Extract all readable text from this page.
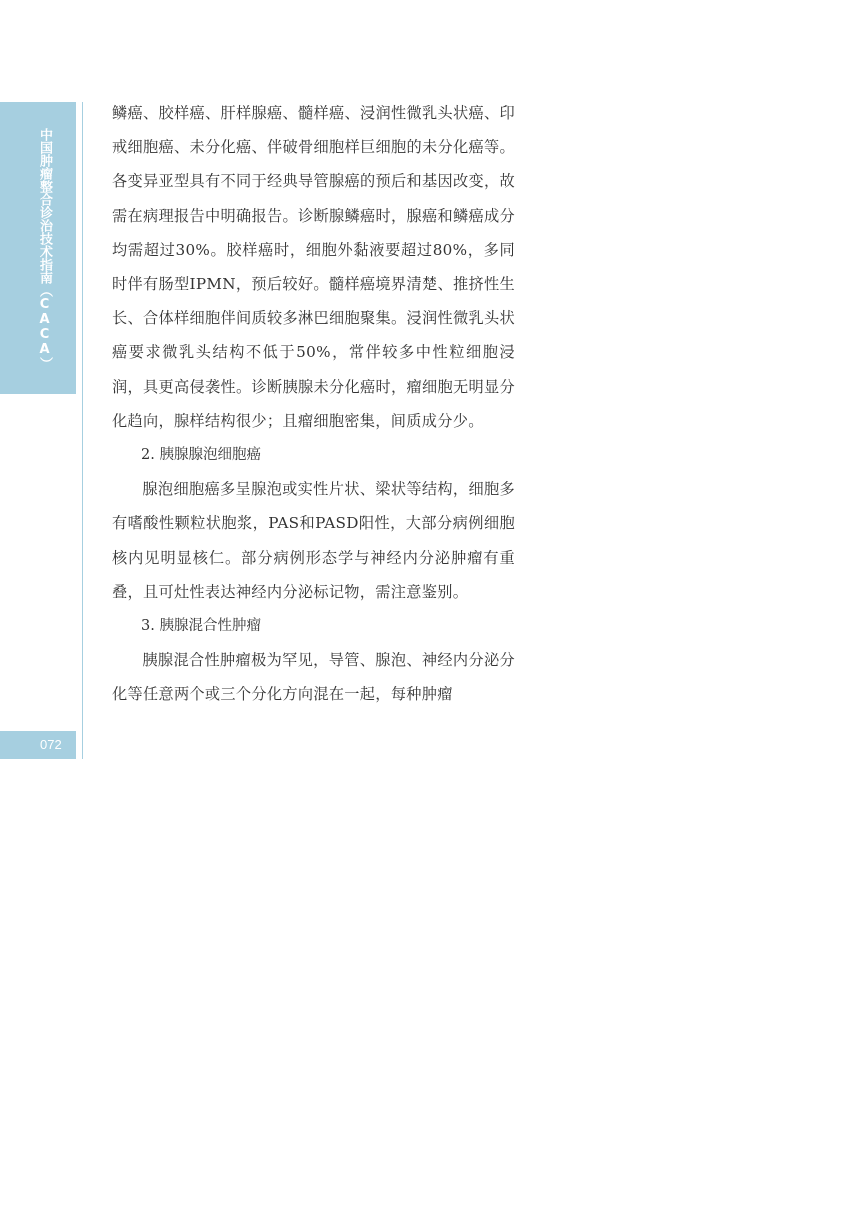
中国肿瘤整合诊治技术指南（CACA）
072

鳞癌、胶样癌、肝样腺癌、髓样癌、浸润性微乳头状癌、印戒细胞癌、未分化癌、伴破骨细胞样巨细胞的未分化癌等。各变异亚型具有不同于经典导管腺癌的预后和基因改变，故需在病理报告中明确报告。诊断腺鳞癌时，腺癌和鳞癌成分均需超过30%。胶样癌时，细胞外黏液要超过80%，多同时伴有肠型IPMN，预后较好。髓样癌境界清楚、推挤性生长、合体样细胞伴间质较多淋巴细胞聚集。浸润性微乳头状癌要求微乳头结构不低于50%，常伴较多中性粒细胞浸润，具更高侵袭性。诊断胰腺未分化癌时，瘤细胞无明显分化趋向，腺样结构很少；且瘤细胞密集，间质成分少。

2. 胰腺腺泡细胞癌

腺泡细胞癌多呈腺泡或实性片状、梁状等结构，细胞多有嗜酸性颗粒状胞浆，PAS和PASD阳性，大部分病例细胞核内见明显核仁。部分病例形态学与神经内分泌肿瘤有重叠，且可灶性表达神经内分泌标记物，需注意鉴别。

3. 胰腺混合性肿瘤

胰腺混合性肿瘤极为罕见，导管、腺泡、神经内分泌分化等任意两个或三个分化方向混在一起，每种肿瘤
